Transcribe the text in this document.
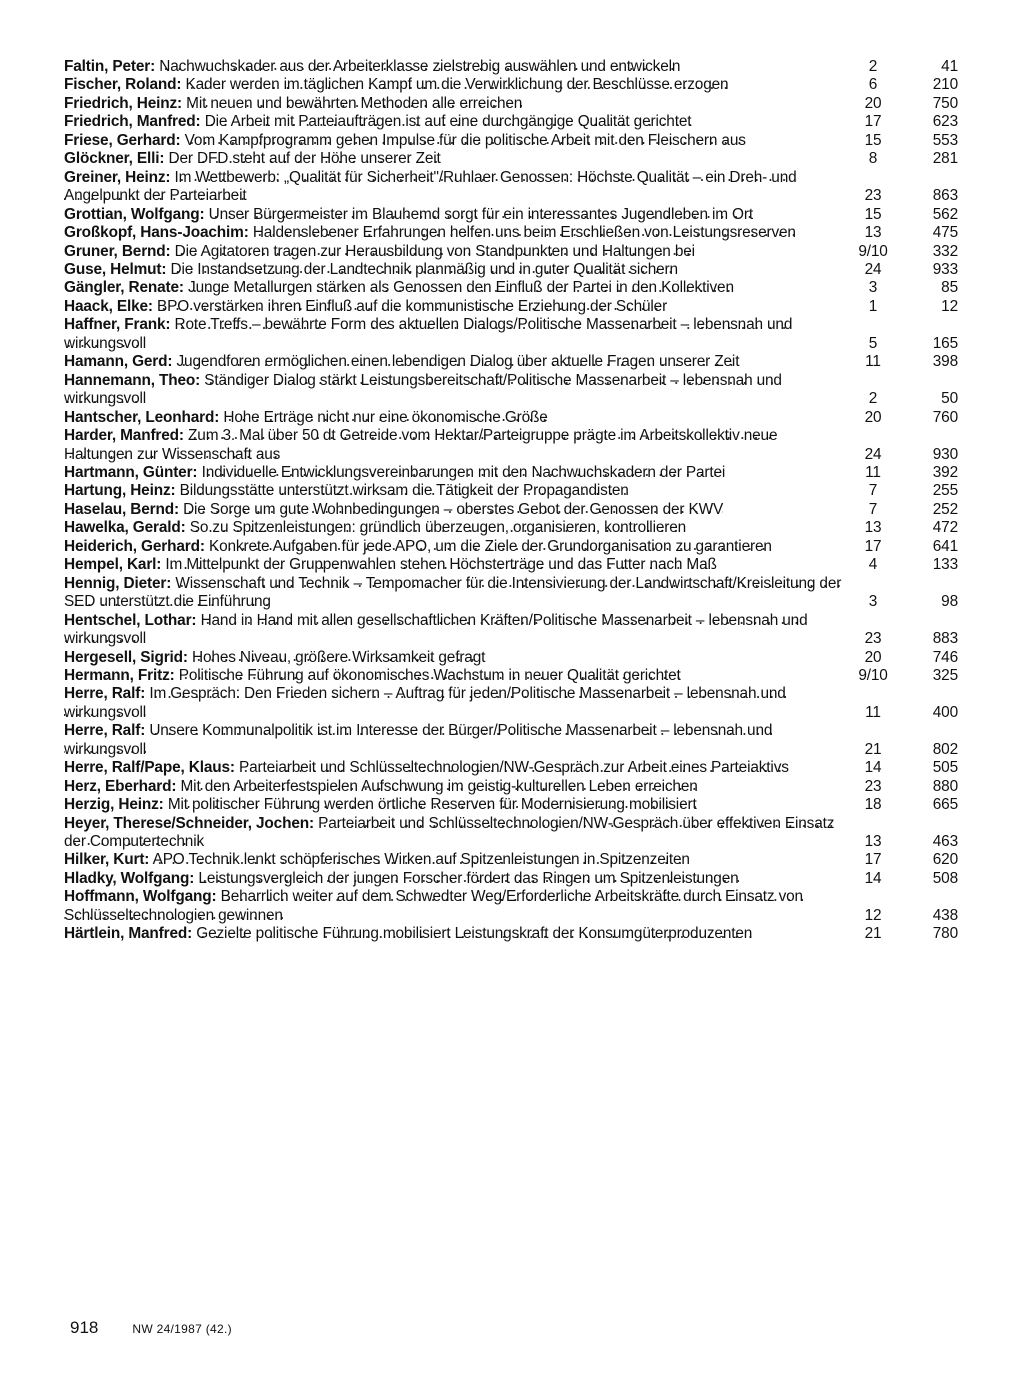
Faltin, Peter: Nachwuchskader aus der Arbeiterklasse zielstrebig auswählen und entwickeln	2	41
Fischer, Roland: Kader werden im täglichen Kampf um die Verwirklichung der Beschlüsse erzogen	6	210
Friedrich, Heinz: Mit neuen und bewährten Methoden alle erreichen	20	750
Friedrich, Manfred: Die Arbeit mit Parteiaufträgen ist auf eine durchgängige Qualität gerichtet	17	623
Friese, Gerhard: Vom Kampfprogramm gehen Impulse für die politische Arbeit mit den Fleischern aus	15	553
Glöckner, Elli: Der DFD steht auf der Höhe unserer Zeit	8	281
Greiner, Heinz: Im Wettbewerb: „Qualität für Sicherheit"/Ruhlaer Genossen: Höchste Qualität – ein Dreh- und Angelpunkt der Parteiarbeit	23	863
Grottian, Wolfgang: Unser Bürgermeister im Blauhemd sorgt für ein interessantes Jugendleben im Ort	15	562
Großkopf, Hans-Joachim: Haldenslebener Erfahrungen helfen uns beim Erschließen von Leistungsreserven	13	475
Gruner, Bernd: Die Agitatoren tragen zur Herausbildung von Standpunkten und Haltungen bei	9/10	332
Guse, Helmut: Die Instandsetzung der Landtechnik planmäßig und in guter Qualität sichern	24	933
Gängler, Renate: Junge Metallurgen stärken als Genossen den Einfluß der Partei in den Kollektiven	3	85
Haack, Elke: BPO verstärken ihren Einfluß auf die kommunistische Erziehung der Schüler	1	12
Haffner, Frank: Rote Treffs – bewährte Form des aktuellen Dialogs/Politische Massenarbeit – lebensnah und wirkungsvoll	5	165
Hamann, Gerd: Jugendforen ermöglichen einen lebendigen Dialog über aktuelle Fragen unserer Zeit	11	398
Hannemann, Theo: Ständiger Dialog stärkt Leistungsbereitschaft/Politische Massenarbeit – lebensnah und wirkungsvoll	2	50
Hantscher, Leonhard: Hohe Erträge nicht nur eine ökonomische Größe	20	760
Harder, Manfred: Zum 3. Mal über 50 dt Getreide vom Hektar/Parteigruppe prägte im Arbeitskollektiv neue Haltungen zur Wissenschaft aus	24	930
Hartmann, Günter: Individuelle Entwicklungsvereinbarungen mit den Nachwuchskadern der Partei	11	392
Hartung, Heinz: Bildungsstätte unterstützt wirksam die Tätigkeit der Propagandisten	7	255
Haselau, Bernd: Die Sorge um gute Wohnbedingungen – oberstes Gebot der Genossen der KWV	7	252
Hawelka, Gerald: So zu Spitzenleistungen: gründlich überzeugen, organisieren, kontrollieren	13	472
Heiderich, Gerhard: Konkrete Aufgaben für jede APO, um die Ziele der Grundorganisation zu garantieren	17	641
Hempel, Karl: Im Mittelpunkt der Gruppenwahlen stehen Höchsterträge und das Futter nach Maß	4	133
Hennig, Dieter: Wissenschaft und Technik – Tempomacher für die Intensivierung der Landwirtschaft/Kreisleitung der SED unterstützt die Einführung	3	98
Hentschel, Lothar: Hand in Hand mit allen gesellschaftlichen Kräften/Politische Massenarbeit – lebensnah und wirkungsvoll	23	883
Hergesell, Sigrid: Hohes Niveau, größere Wirksamkeit gefragt	20	746
Hermann, Fritz: Politische Führung auf ökonomisches Wachstum in neuer Qualität gerichtet	9/10	325
Herre, Ralf: Im Gespräch: Den Frieden sichern – Auftrag für jeden/Politische Massenarbeit – lebensnah und wirkungsvoll	11	400
Herre, Ralf: Unsere Kommunalpolitik ist im Interesse der Bürger/Politische Massenarbeit – lebensnah und wirkungsvoll	21	802
Herre, Ralf/Pape, Klaus: Parteiarbeit und Schlüsseltechnologien/NW-Gespräch zur Arbeit eines Parteiaktivs	14	505
Herz, Eberhard: Mit den Arbeiterfestspielen Aufschwung im geistig-kulturellen Leben erreichen	23	880
Herzig, Heinz: Mit politischer Führung werden örtliche Reserven für Modernisierung mobilisiert	18	665
Heyer, Therese/Schneider, Jochen: Parteiarbeit und Schlüsseltechnologien/NW-Gespräch über effektiven Einsatz der Computertechnik	13	463
Hilker, Kurt: APO Technik lenkt schöpferisches Wirken auf Spitzenleistungen in Spitzenzeiten	17	620
Hladky, Wolfgang: Leistungsvergleich der jungen Forscher fördert das Ringen um Spitzenleistungen	14	508
Hoffmann, Wolfgang: Beharrlich weiter auf dem Schwedter Weg/Erforderliche Arbeitskräfte durch Einsatz von Schlüsseltechnologien gewinnen	12	438
Härtlein, Manfred: Gezielte politische Führung mobilisiert Leistungskraft der Konsumgüterproduzenten	21	780
918	NW 24/1987 (42.)
